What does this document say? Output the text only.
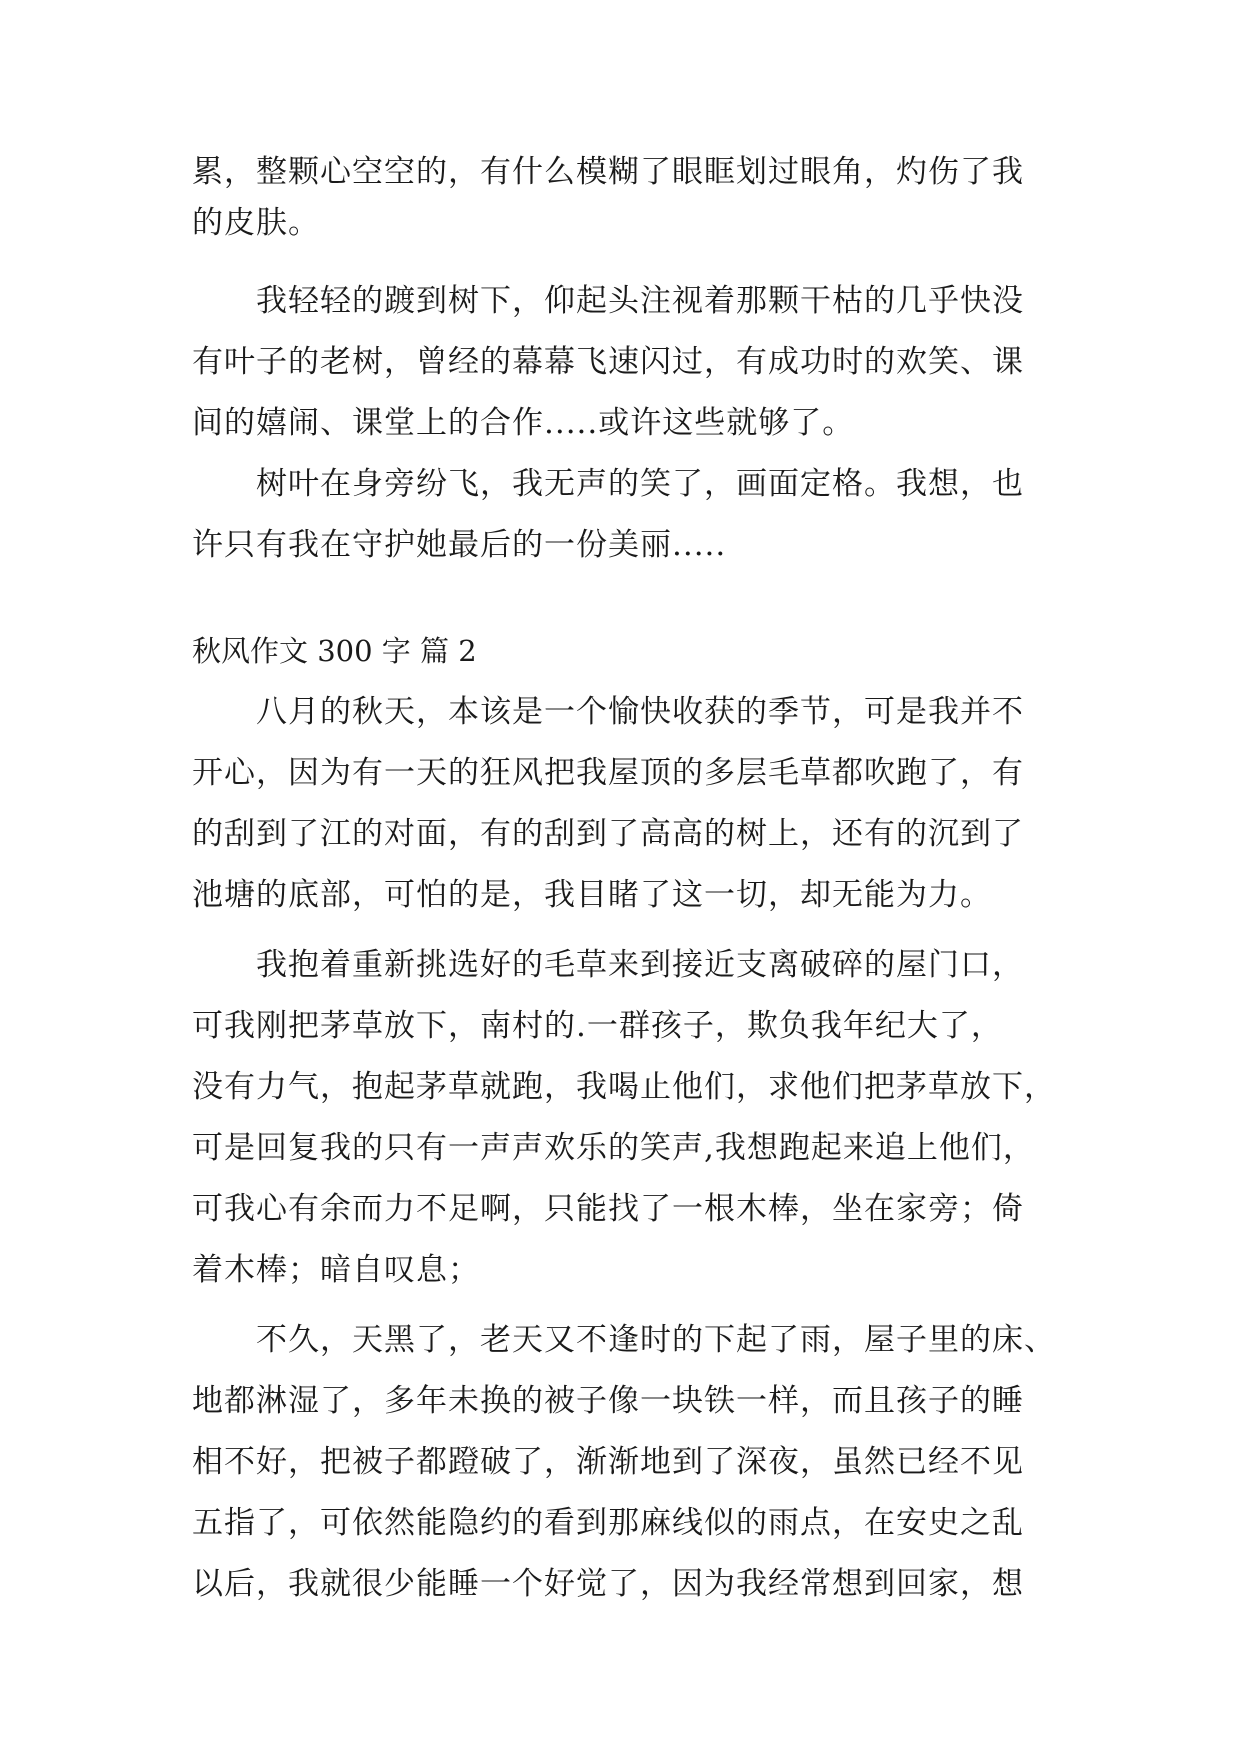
累，整颗心空空的，有什么模糊了眼眶划过眼角，灼伤了我
的皮肤。
　　我轻轻的踱到树下，仰起头注视着那颗干枯的几乎快没
有叶子的老树，曾经的幕幕飞速闪过，有成功时的欢笑、课
间的嬉闹、课堂上的合作.....或许这些就够了。
　　树叶在身旁纷飞，我无声的笑了，画面定格。我想，也
许只有我在守护她最后的一份美丽.....
秋风作文 300 字 篇 2
　　八月的秋天，本该是一个愉快收获的季节，可是我并不
开心，因为有一天的狂风把我屋顶的多层毛草都吹跑了，有
的刮到了江的对面，有的刮到了高高的树上，还有的沉到了
池塘的底部，可怕的是，我目睹了这一切，却无能为力。
　　我抱着重新挑选好的毛草来到接近支离破碎的屋门口，
可我刚把茅草放下，南村的.一群孩子，欺负我年纪大了，
没有力气，抱起茅草就跑，我喝止他们，求他们把茅草放下，
可是回复我的只有一声声欢乐的笑声,我想跑起来追上他们，
可我心有余而力不足啊，只能找了一根木棒，坐在家旁；倚
着木棒；暗自叹息；
　　不久，天黑了，老天又不逢时的下起了雨，屋子里的床、
地都淋湿了，多年未换的被子像一块铁一样，而且孩子的睡
相不好，把被子都蹬破了，渐渐地到了深夜，虽然已经不见
五指了，可依然能隐约的看到那麻线似的雨点，在安史之乱
以后，我就很少能睡一个好觉了，因为我经常想到回家，想
